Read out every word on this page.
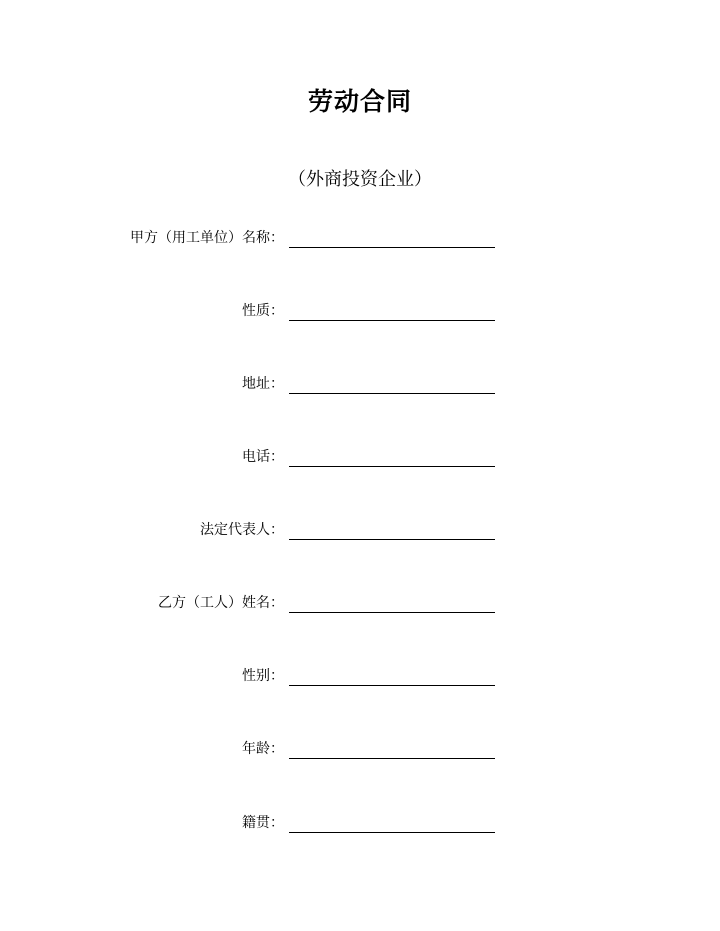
劳动合同
（外商投资企业）
甲方（用工单位）名称：
性质：
地址：
电话：
法定代表人：
乙方（工人）姓名：
性别：
年龄：
籍贯：
